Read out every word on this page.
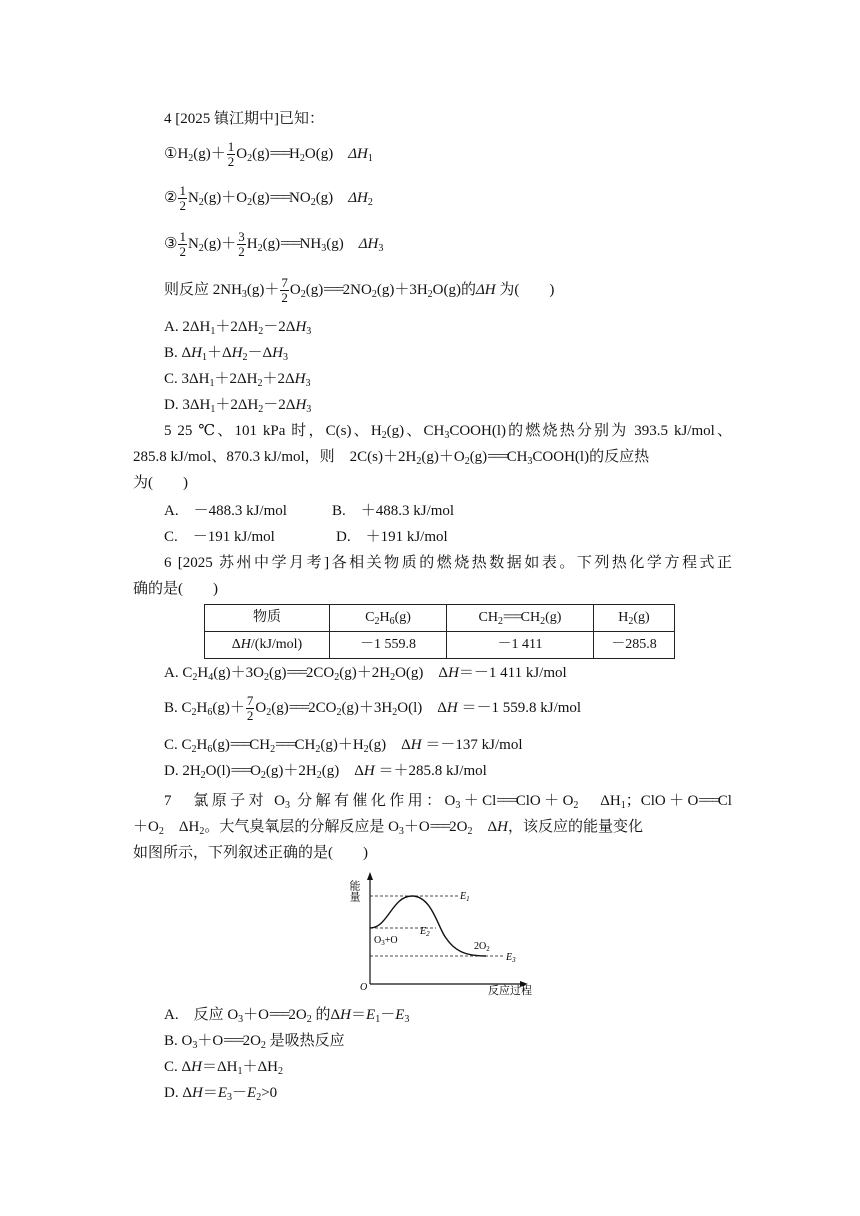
4 [2025 镇江期中]已知：
$①H_2(g)+ \frac{1}{2} O_2(g)===H_2O(g)$ $\Delta H_1$
② $\frac{1}{2} N_2(g)+O_2(g)===NO_2(g)$ $\Delta H_2$
③ $\frac{1}{2} N_2(g)+ \frac{3}{2} H_2(g)===NH_3(g)$ $\Delta H_3$
则反应 $2NH_3(g)+ \frac{7}{2} O_2(g)===2NO_2(g)+3H_2O(g)$的ΔH 为(　　)
A. $2\Delta H_1+2\Delta H_2-2\Delta H_3$
B. $\Delta H_1+\Delta H_2-\Delta H_3$
C. $3\Delta H_1+2\Delta H_2+2\Delta H_3$
D. $3\Delta H_1+2\Delta H_2-2\Delta H_3$
5 25 ℃、101 kPa 时，C(s)、$H_2(g)$、$CH_3COOH(l)$的燃烧热分别为 393.5 kJ/mol、
285.8 kJ/mol、870.3 kJ/mol，则　$2C(s)+2H_2(g)+O_2(g)===CH_3COOH(l)$的反应热
为(　　)
A.　－488.3 kJ/mol	B.　＋488.3 kJ/mol
C.　－191 kJ/mol	D.　＋191 kJ/mol
6 [2025 苏州中学月考]各相关物质的燃烧热数据如表。下列热化学方程式正
确的是(　　)
物质	$C_2H_6(g)$	$CH_2===CH_2(g)$	$H_2(g)$
ΔH/(kJ/mol)	－1 559.8	－1 411	－285.8
A. $C_2H_4(g)+3O_2(g)===2CO_2(g)+2H_2O(g)$　ΔH＝－1 411 kJ/mol
B. $C_2H_6(g)+ \frac{7}{2} O_2(g)===2CO_2(g)+3H_2O(l)$　ΔH ＝－1 559.8 kJ/mol
C. $C_2H_6(g)===CH_2===CH_2(g)+H_2(g)$　ΔH ＝－137 kJ/mol
D. $2H_2O(l)===O_2(g)+2H_2(g)$　ΔH ＝＋285.8 kJ/mol
7　氯原子对 $O_3$ 分解有催化作用：$O_3+Cl===ClO+O_2$　$\Delta H_1$；ClO＋O===Cl
$+O_2$　$\Delta H_2$。大气臭氧层的分解反应是 $O_3+O===2O_2$　ΔH，该反应的能量变化
如图所示，下列叙述正确的是(　　)
能量
反应过程
O
$E_1$
$E_2$
$E_3$
$O_3+O$
$2O_2$
A.　反应 $O_3+O===2O_2$ 的$\Delta H=E_1-E_3$
B. $O_3+O===2O_2$ 是吸热反应
C. $\Delta H=\Delta H_1+\Delta H_2$
D. $\Delta H=E_3-E_2>0$
